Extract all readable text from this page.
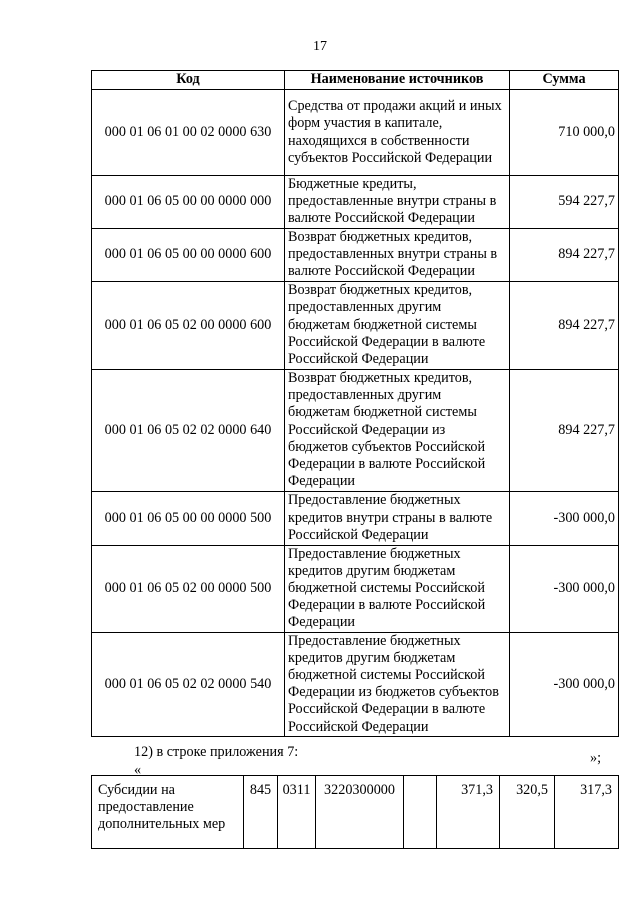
17
Код	Наименование источников	Сумма
000 01 06 01 00 02 0000 630	Средства от продажи акций и иных форм участия в капитале, находящихся в собственности субъектов Российской Федерации	710 000,0
000 01 06 05 00 00 0000 000	Бюджетные кредиты, предоставленные внутри страны в валюте Российской Федерации	594 227,7
000 01 06 05 00 00 0000 600	Возврат бюджетных кредитов, предоставленных внутри страны в валюте Российской Федерации	894 227,7
000 01 06 05 02 00 0000 600	Возврат бюджетных кредитов, предоставленных другим бюджетам бюджетной системы Российской Федерации в валюте Российской Федерации	894 227,7
000 01 06 05 02 02 0000 640	Возврат бюджетных кредитов, предоставленных другим бюджетам бюджетной системы Российской Федерации из бюджетов субъектов Российской Федерации в валюте Российской Федерации	894 227,7
000 01 06 05 00 00 0000 500	Предоставление бюджетных кредитов внутри страны в валюте Российской Федерации	-300 000,0
000 01 06 05 02 00 0000 500	Предоставление бюджетных кредитов другим бюджетам бюджетной системы Российской Федерации в валюте Российской Федерации	-300 000,0
000 01 06 05 02 02 0000 540	Предоставление бюджетных кредитов другим бюджетам бюджетной системы Российской Федерации из бюджетов субъектов Российской Федерации в валюте Российской Федерации	-300 000,0
»;
12) в строке приложения 7:
«
Субсидии на предоставление дополнительных мер	845	0311	3220300000		371,3	320,5	317,3
